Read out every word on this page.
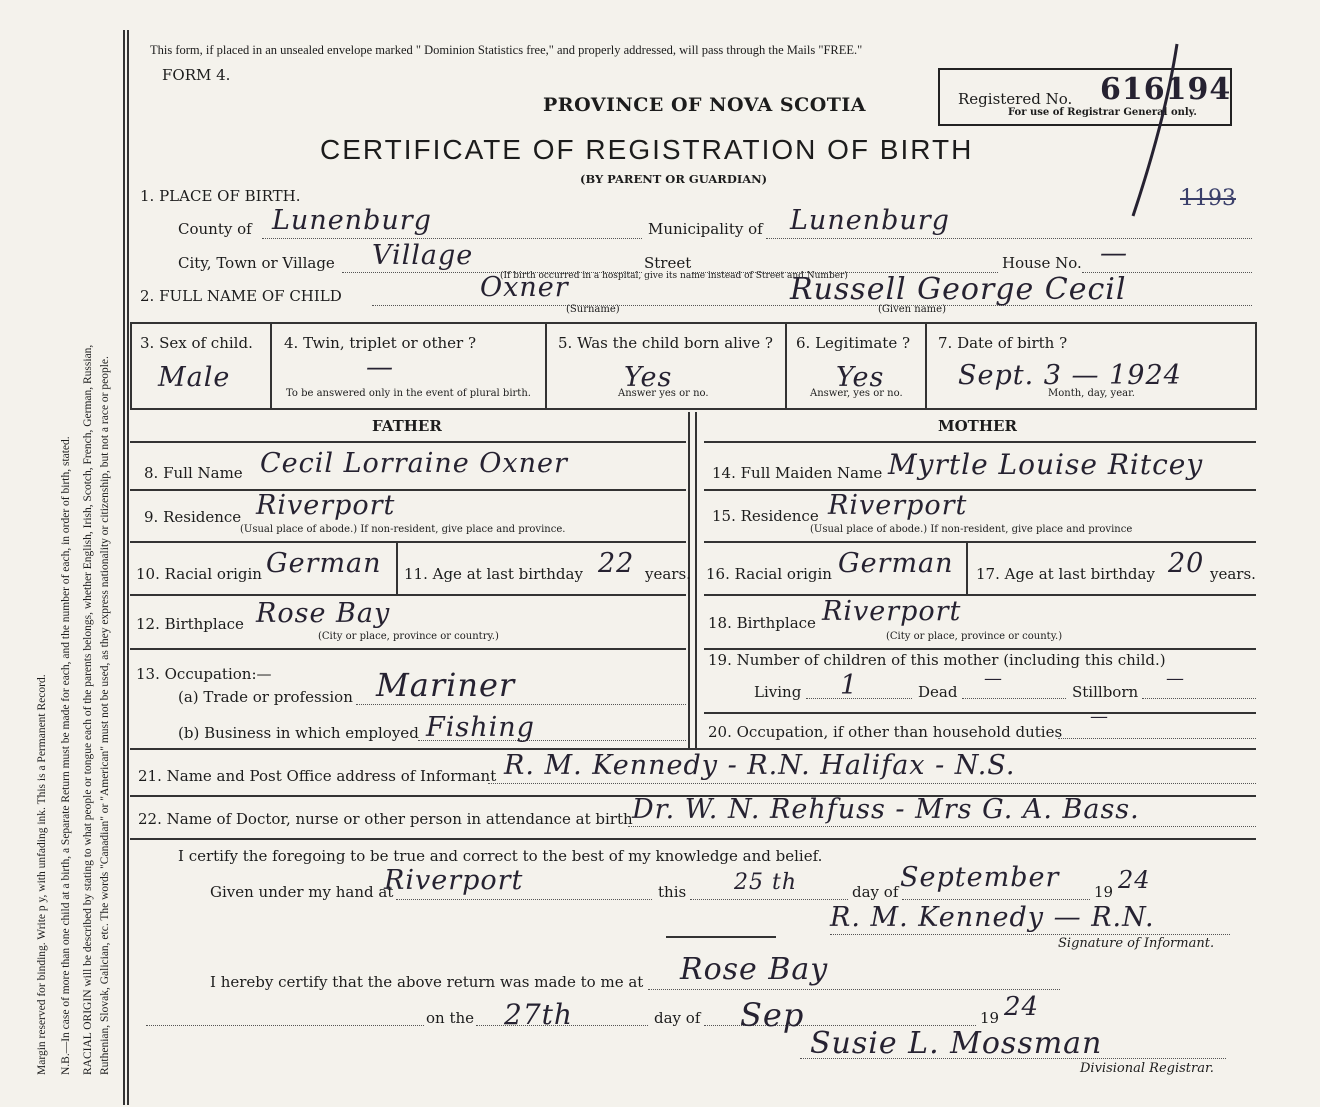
Margin reserved for binding. Write p y, with unfading ink. This is a Permanent Record. N.B.—In case of more than one child at a birth, a Separate Return must be made for each, and the number of each, in order of birth, stated. RACIAL ORIGIN will be described by stating to what people or tongue each of the parents belongs, whether English, Irish, Scotch, French, German, Russian, Ruthenian, Slovak, Galician, etc. The words "Canadian" or "American" must not be used, as they express nationality or citizenship, but not a race or people.
This form, if placed in an unsealed envelope marked " Dominion Statistics free," and properly addressed, will pass through the Mails "FREE."
FORM 4.
PROVINCE OF NOVA SCOTIA
CERTIFICATE OF REGISTRATION OF BIRTH
(BY PARENT OR GUARDIAN)
Registered No. 616194
For use of Registrar General only.
1193
1. PLACE OF BIRTH.
County of Lunenburg	Municipality of Lunenburg
City, Town or Village Village	Street	House No. —
(If birth occurred in a hospital, give its name instead of Street and Number)
2. FULL NAME OF CHILD	Oxner
(Surname)
Russell George Cecil
(Given name)
3. Sex of child.
Male
4. Twin, triplet or other ?
—
To be answered only in the event of plural birth.
5. Was the child born alive ?
Yes
Answer yes or no.
6. Legitimate ?
Yes
Answer, yes or no.
7. Date of birth ?
Sept. 3 — 1924
Month, day, year.
FATHER	MOTHER
8. Full Name Cecil Lorraine Oxner
9. Residence Riverport
(Usual place of abode.) If non-resident, give place and province.
10. Racial origin German 11. Age at last birthday 22 years.
12. Birthplace Rose Bay
(City or place, province or country.)
13. Occupation:—
(a) Trade or profession Mariner
(b) Business in which employed Fishing
14. Full Maiden Name Myrtle Louise Ritcey
15. Residence Riverport
(Usual place of abode.) If non-resident, give place and province
16. Racial origin German 17. Age at last birthday 20 years.
18. Birthplace Riverport
(City or place, province or county.)
19. Number of children of this mother (including this child.)
Living 1	Dead
—
Stillborn
—
20. Occupation, if other than household duties
—
21. Name and Post Office address of Informant R. M. Kennedy - R.N. Halifax - N.S.
22. Name of Doctor, nurse or other person in attendance at birth Dr. W. N. Rehfuss - Mrs G. A. Bass.
I certify the foregoing to be true and correct to the best of my knowledge and belief.
Given under my hand at
Riverport	this 25 th	day of September 19 24
R. M. Kennedy — R.N.
Signature of Informant.
I hereby certify that the above return was made to me at Rose Bay
on the 27th	day of Sep	19 24
Susie L. Mossman
Divisional Registrar.
